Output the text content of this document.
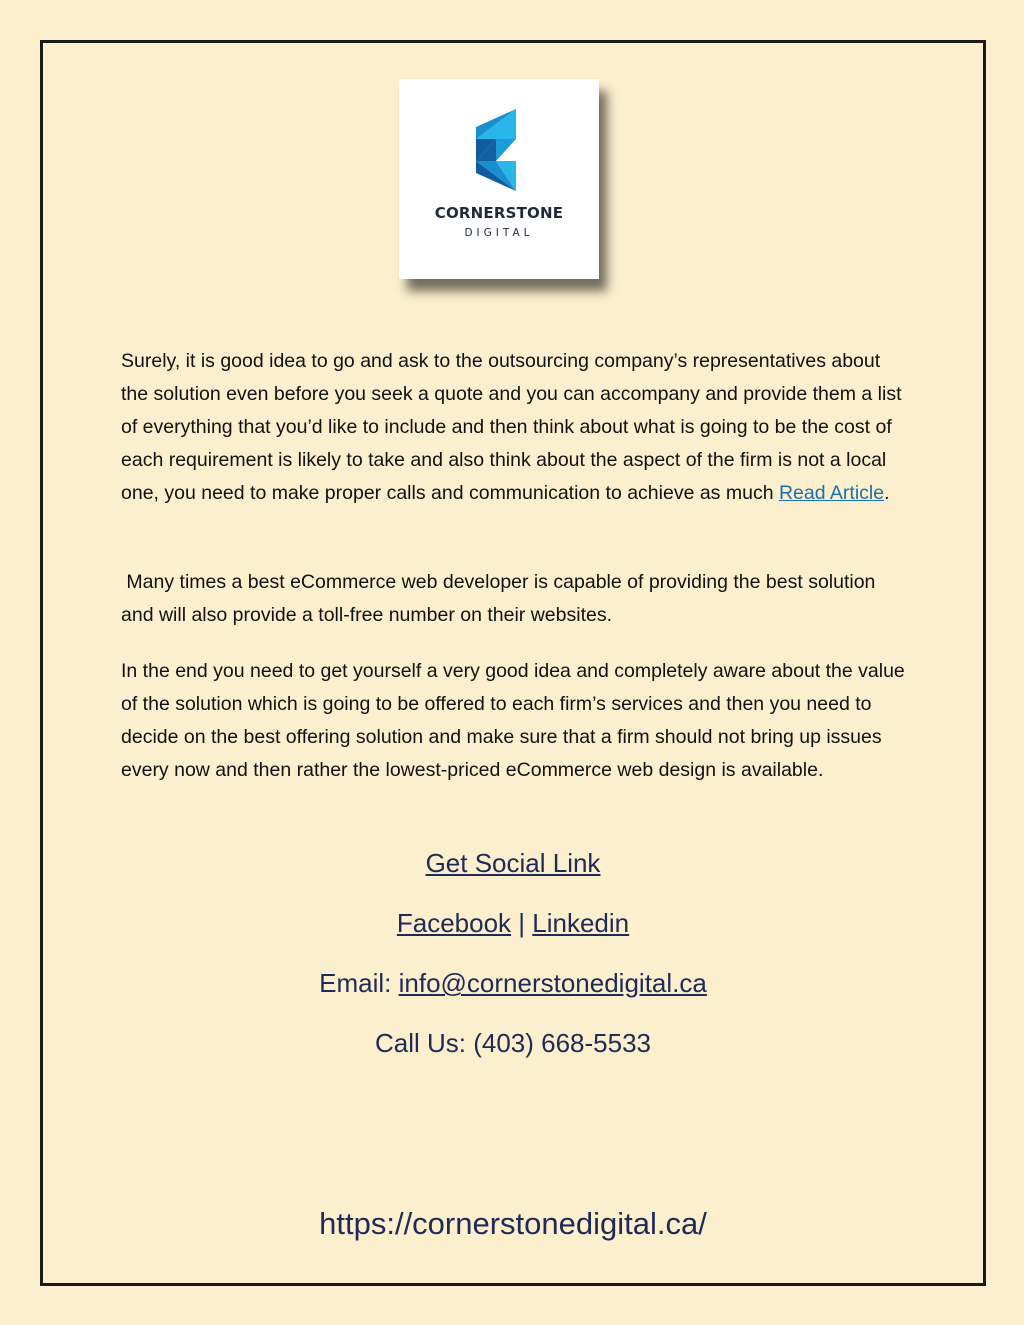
CORNERSTONE
DIGITAL

Surely, it is good idea to go and ask to the outsourcing company’s representatives about the solution even before you seek a quote and you can accompany and provide them a list of everything that you’d like to include and then think about what is going to be the cost of each requirement is likely to take and also think about the aspect of the firm is not a local one, you need to make proper calls and communication to achieve as much Read Article.

Many times a best eCommerce web developer is capable of providing the best solution and will also provide a toll-free number on their websites.

In the end you need to get yourself a very good idea and completely aware about the value of the solution which is going to be offered to each firm’s services and then you need to decide on the best offering solution and make sure that a firm should not bring up issues every now and then rather the lowest-priced eCommerce web design is available.

Get Social Link
Facebook | Linkedin
Email: info@cornerstonedigital.ca
Call Us: (403) 668-5533
https://cornerstonedigital.ca/
